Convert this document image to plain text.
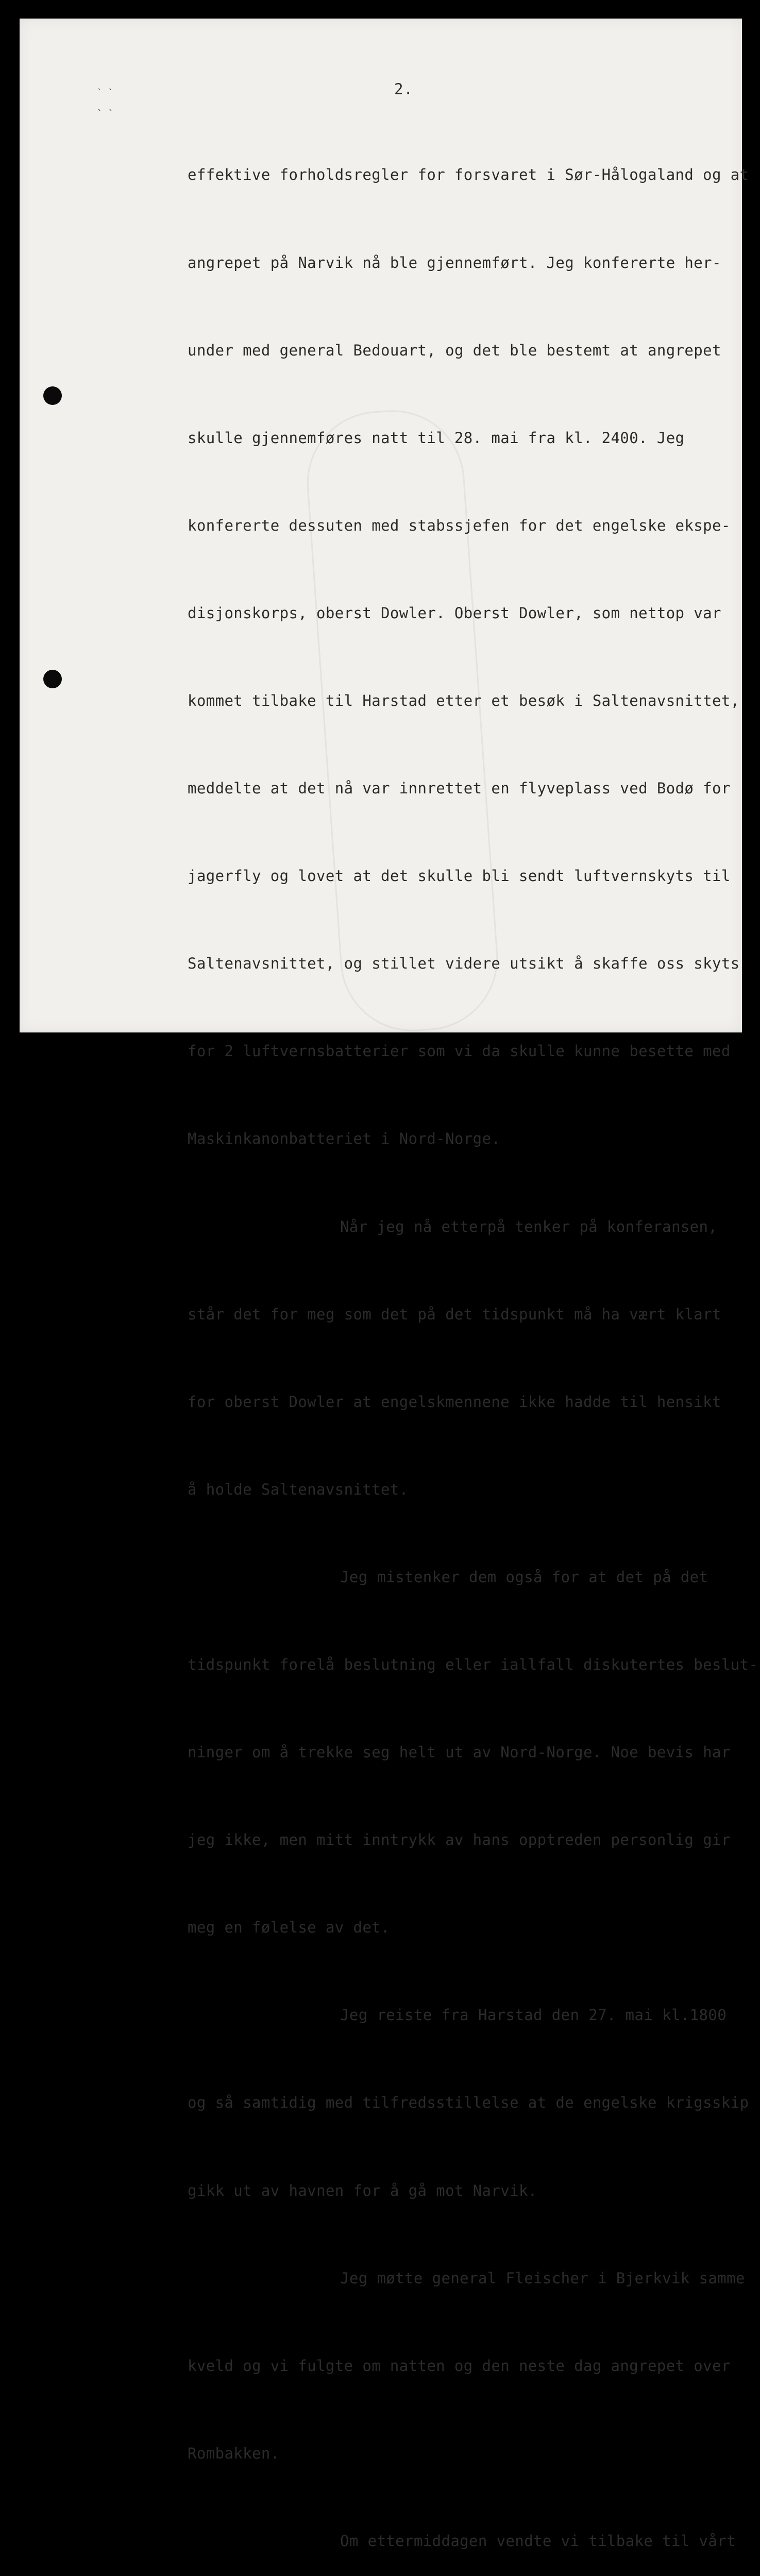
` `
` `
2.

effektive forholdsregler for forsvaret i Sør-Hålogaland og at

angrepet på Narvik nå ble gjennemført. Jeg konfererte her-

under med general Bedouart, og det ble bestemt at angrepet

skulle gjennemføres natt til 28. mai fra kl. 2400. Jeg

konfererte dessuten med stabssjefen for det engelske ekspe-

disjonskorps, oberst Dowler. Oberst Dowler, som nettop var

kommet tilbake til Harstad etter et besøk i Saltenavsnittet,

meddelte at det nå var innrettet en flyveplass ved Bodø for

jagerfly og lovet at det skulle bli sendt luftvernskyts til

Saltenavsnittet, og stillet videre utsikt å skaffe oss skyts

for 2 luftvernsbatterier som vi da skulle kunne besette med

Maskinkanonbatteriet i Nord-Norge.

Når jeg nå etterpå tenker på konferansen,

står det for meg som det på det tidspunkt må ha vært klart

for oberst Dowler at engelskmennene ikke hadde til hensikt

å holde Saltenavsnittet.

Jeg mistenker dem også for at det på det

tidspunkt forelå beslutning eller iallfall diskutertes beslut-

ninger om å trekke seg helt ut av Nord-Norge. Noe bevis har

jeg ikke, men mitt inntrykk av hans opptreden personlig gir

meg en følelse av det.

Jeg reiste fra Harstad den 27. mai kl.1800

og så samtidig med tilfredsstillelse at de engelske krigsskip

gikk ut av havnen for å gå mot Narvik.

Jeg møtte general Fleischer i Bjerkvik samme

kveld og vi fulgte om natten og den neste dag angrepet over

Rombakken.

Om ettermiddagen vendte vi tilbake til vårt
